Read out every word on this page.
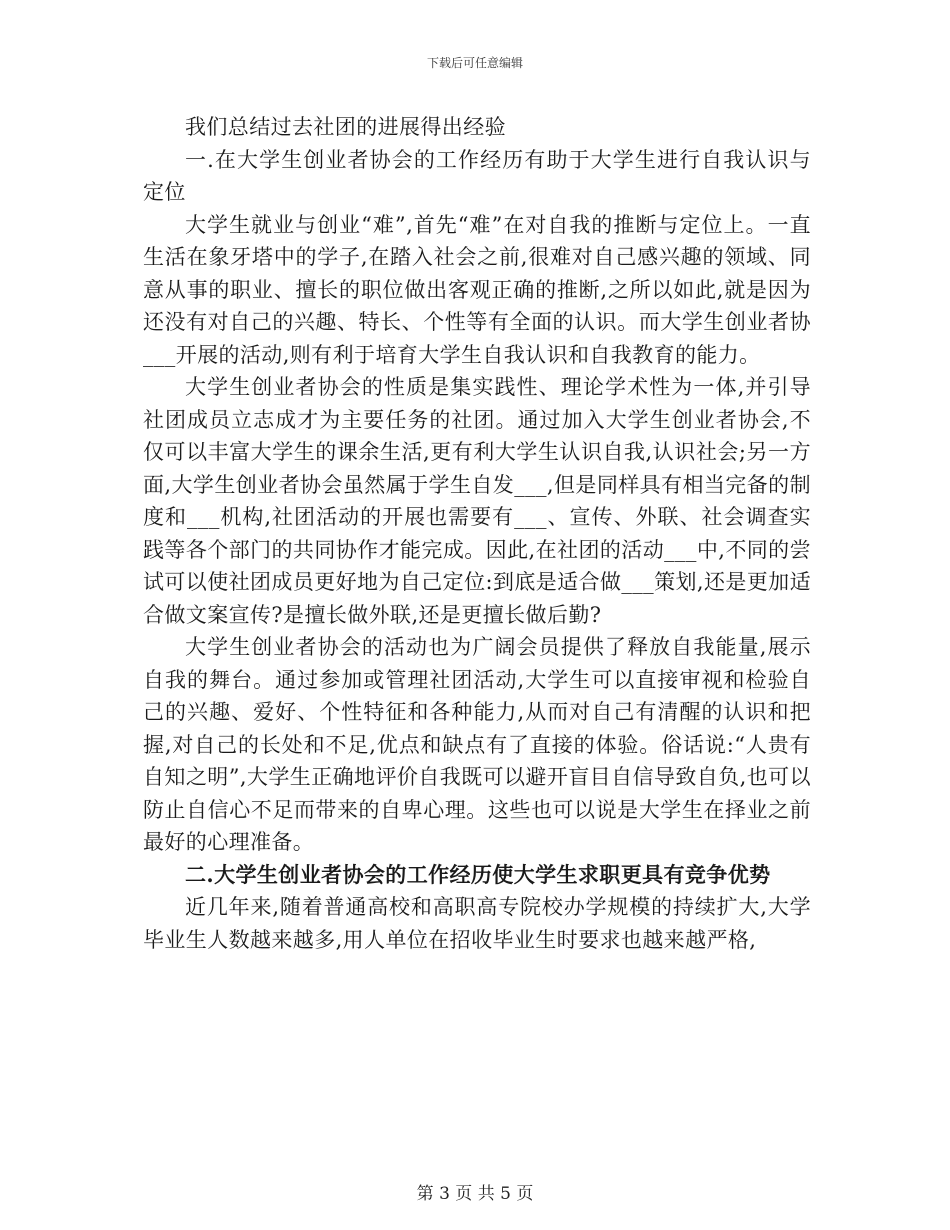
下载后可任意编辑

我们总结过去社团的进展得出经验

一.在大学生创业者协会的工作经历有助于大学生进行自我认识与定位

大学生就业与创业“难”,首先“难”在对自我的推断与定位上。一直生活在象牙塔中的学子,在踏入社会之前,很难对自己感兴趣的领域、同意从事的职业、擅长的职位做出客观正确的推断,之所以如此,就是因为还没有对自己的兴趣、特长、个性等有全面的认识。而大学生创业者协___开展的活动,则有利于培育大学生自我认识和自我教育的能力。

大学生创业者协会的性质是集实践性、理论学术性为一体,并引导社团成员立志成才为主要任务的社团。通过加入大学生创业者协会,不仅可以丰富大学生的课余生活,更有利大学生认识自我,认识社会;另一方面,大学生创业者协会虽然属于学生自发___,但是同样具有相当完备的制度和___机构,社团活动的开展也需要有___、宣传、外联、社会调查实践等各个部门的共同协作才能完成。因此,在社团的活动___中,不同的尝试可以使社团成员更好地为自己定位:到底是适合做___策划,还是更加适合做文案宣传?是擅长做外联,还是更擅长做后勤?

大学生创业者协会的活动也为广阔会员提供了释放自我能量,展示自我的舞台。通过参加或管理社团活动,大学生可以直接审视和检验自己的兴趣、爱好、个性特征和各种能力,从而对自己有清醒的认识和把握,对自己的长处和不足,优点和缺点有了直接的体验。俗话说:“人贵有自知之明”,大学生正确地评价自我既可以避开盲目自信导致自负,也可以防止自信心不足而带来的自卑心理。这些也可以说是大学生在择业之前最好的心理准备。

二.大学生创业者协会的工作经历使大学生求职更具有竞争优势

近几年来,随着普通高校和高职高专院校办学规模的持续扩大,大学毕业生人数越来越多,用人单位在招收毕业生时要求也越来越严格,

第 3 页 共 5 页
